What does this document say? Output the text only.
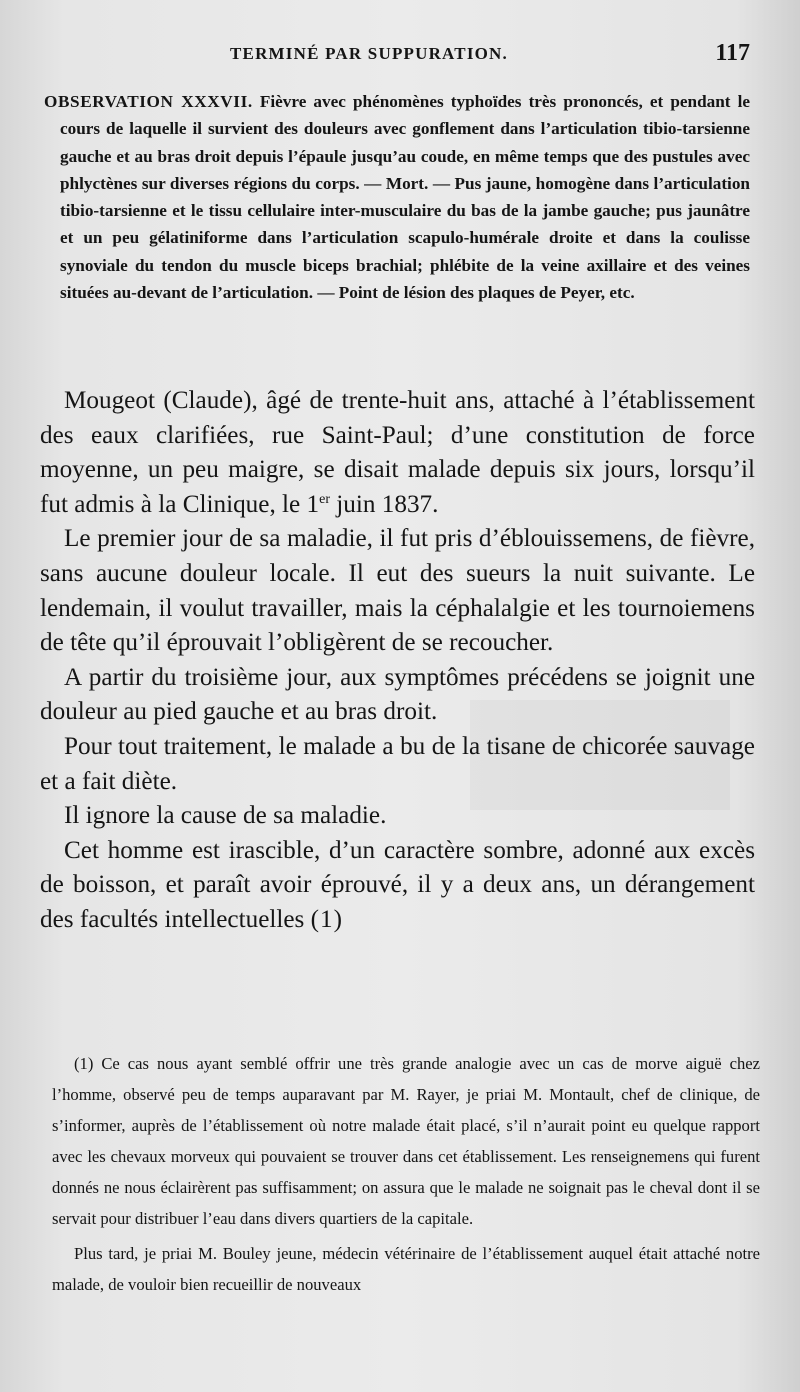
TERMINÉ PAR SUPPURATION.	117
OBSERVATION XXXVII. Fièvre avec phénomènes typhoïdes très prononcés, et pendant le cours de laquelle il survient des douleurs avec gonflement dans l’articulation tibio-tarsienne gauche et au bras droit depuis l’épaule jusqu’au coude, en même temps que des pustules avec phlyctènes sur diverses régions du corps. — Mort. — Pus jaune, homogène dans l’articulation tibio-tarsienne et le tissu cellulaire inter-musculaire du bas de la jambe gauche; pus jaunâtre et un peu gélatiniforme dans l’articulation scapulo-humérale droite et dans la coulisse synoviale du tendon du muscle biceps brachial; phlébite de la veine axillaire et des veines situées au-devant de l’articulation. — Point de lésion des plaques de Peyer, etc.

Mougeot (Claude), âgé de trente-huit ans, attaché à l’établissement des eaux clarifiées, rue Saint-Paul; d’une constitution de force moyenne, un peu maigre, se disait malade depuis six jours, lorsqu’il fut admis à la Clinique, le 1er juin 1837.

Le premier jour de sa maladie, il fut pris d’éblouissemens, de fièvre, sans aucune douleur locale. Il eut des sueurs la nuit suivante. Le lendemain, il voulut travailler, mais la céphalalgie et les tournoiemens de tête qu’il éprouvait l’obligèrent de se recoucher.

A partir du troisième jour, aux symptômes précédens se joignit une douleur au pied gauche et au bras droit.

Pour tout traitement, le malade a bu de la tisane de chicorée sauvage et a fait diète.

Il ignore la cause de sa maladie.

Cet homme est irascible, d’un caractère sombre, adonné aux excès de boisson, et paraît avoir éprouvé, il y a deux ans, un dérangement des facultés intellectuelles (1)

(1) Ce cas nous ayant semblé offrir une très grande analogie avec un cas de morve aiguë chez l’homme, observé peu de temps auparavant par M. Rayer, je priai M. Montault, chef de clinique, de s’informer, auprès de l’établissement où notre malade était placé, s’il n’aurait point eu quelque rapport avec les chevaux morveux qui pouvaient se trouver dans cet établissement. Les renseignemens qui furent donnés ne nous éclairèrent pas suffisamment; on assura que le malade ne soignait pas le cheval dont il se servait pour distribuer l’eau dans divers quartiers de la capitale.

Plus tard, je priai M. Bouley jeune, médecin vétérinaire de l’établissement auquel était attaché notre malade, de vouloir bien recueillir de nouveaux
